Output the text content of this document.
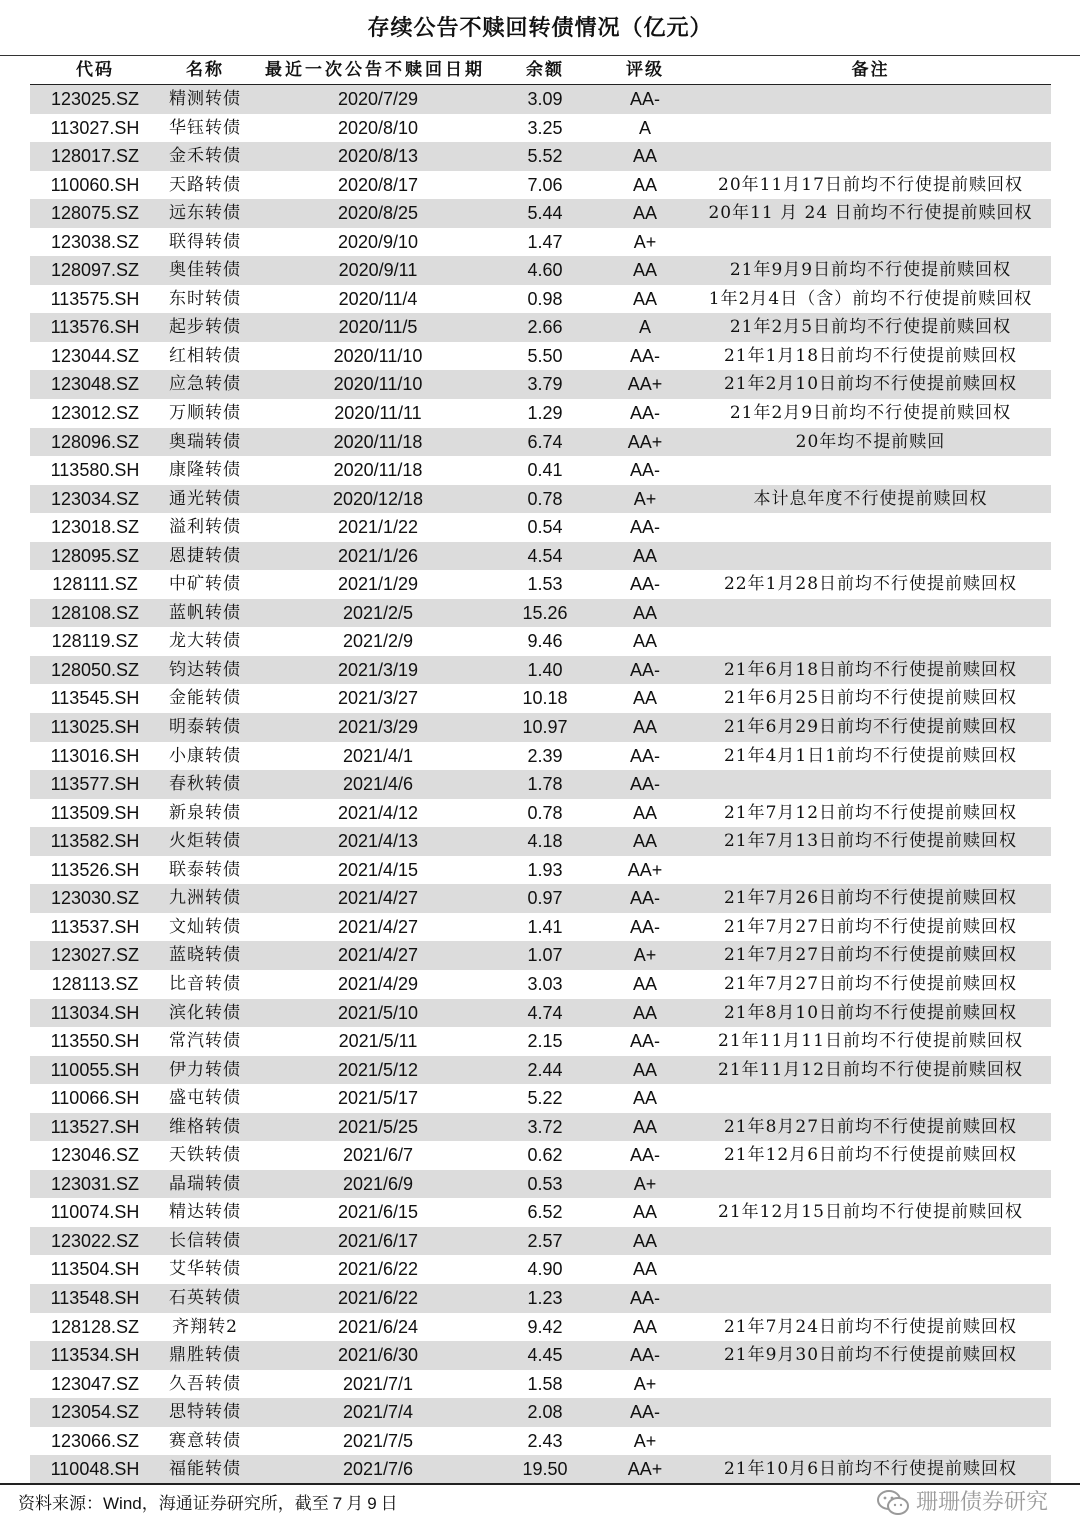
存续公告不赎回转债情况（亿元）
代码	名称	最近一次公告不赎回日期	余额	评级	备注
123025.SZ	精测转债	2020/7/29	3.09	AA-
113027.SH	华钰转债	2020/8/10	3.25	A
128017.SZ	金禾转债	2020/8/13	5.52	AA
110060.SH	天路转债	2020/8/17	7.06	AA	20年11月17日前均不行使提前赎回权
128075.SZ	远东转债	2020/8/25	5.44	AA	20年11 月 24 日前均不行使提前赎回权
123038.SZ	联得转债	2020/9/10	1.47	A+
128097.SZ	奥佳转债	2020/9/11	4.60	AA	21年9月9日前均不行使提前赎回权
113575.SH	东时转债	2020/11/4	0.98	AA	1年2月4日（含）前均不行使提前赎回权
113576.SH	起步转债	2020/11/5	2.66	A	21年2月5日前均不行使提前赎回权
123044.SZ	红相转债	2020/11/10	5.50	AA-	21年1月18日前均不行使提前赎回权
123048.SZ	应急转债	2020/11/10	3.79	AA+	21年2月10日前均不行使提前赎回权
123012.SZ	万顺转债	2020/11/11	1.29	AA-	21年2月9日前均不行使提前赎回权
128096.SZ	奥瑞转债	2020/11/18	6.74	AA+	20年均不提前赎回
113580.SH	康隆转债	2020/11/18	0.41	AA-
123034.SZ	通光转债	2020/12/18	0.78	A+	本计息年度不行使提前赎回权
123018.SZ	溢利转债	2021/1/22	0.54	AA-
128095.SZ	恩捷转债	2021/1/26	4.54	AA
128111.SZ	中矿转债	2021/1/29	1.53	AA-	22年1月28日前均不行使提前赎回权
128108.SZ	蓝帆转债	2021/2/5	15.26	AA
128119.SZ	龙大转债	2021/2/9	9.46	AA
128050.SZ	钧达转债	2021/3/19	1.40	AA-	21年6月18日前均不行使提前赎回权
113545.SH	金能转债	2021/3/27	10.18	AA	21年6月25日前均不行使提前赎回权
113025.SH	明泰转债	2021/3/29	10.97	AA	21年6月29日前均不行使提前赎回权
113016.SH	小康转债	2021/4/1	2.39	AA-	21年4月1日1前均不行使提前赎回权
113577.SH	春秋转债	2021/4/6	1.78	AA-
113509.SH	新泉转债	2021/4/12	0.78	AA	21年7月12日前均不行使提前赎回权
113582.SH	火炬转债	2021/4/13	4.18	AA	21年7月13日前均不行使提前赎回权
113526.SH	联泰转债	2021/4/15	1.93	AA+
123030.SZ	九洲转债	2021/4/27	0.97	AA-	21年7月26日前均不行使提前赎回权
113537.SH	文灿转债	2021/4/27	1.41	AA-	21年7月27日前均不行使提前赎回权
123027.SZ	蓝晓转债	2021/4/27	1.07	A+	21年7月27日前均不行使提前赎回权
128113.SZ	比音转债	2021/4/29	3.03	AA	21年7月27日前均不行使提前赎回权
113034.SH	滨化转债	2021/5/10	4.74	AA	21年8月10日前均不行使提前赎回权
113550.SH	常汽转债	2021/5/11	2.15	AA-	21年11月11日前均不行使提前赎回权
110055.SH	伊力转债	2021/5/12	2.44	AA	21年11月12日前均不行使提前赎回权
110066.SH	盛屯转债	2021/5/17	5.22	AA
113527.SH	维格转债	2021/5/25	3.72	AA	21年8月27日前均不行使提前赎回权
123046.SZ	天铁转债	2021/6/7	0.62	AA-	21年12月6日前均不行使提前赎回权
123031.SZ	晶瑞转债	2021/6/9	0.53	A+
110074.SH	精达转债	2021/6/15	6.52	AA	21年12月15日前均不行使提前赎回权
123022.SZ	长信转债	2021/6/17	2.57	AA
113504.SH	艾华转债	2021/6/22	4.90	AA
113548.SH	石英转债	2021/6/22	1.23	AA-
128128.SZ	齐翔转2	2021/6/24	9.42	AA	21年7月24日前均不行使提前赎回权
113534.SH	鼎胜转债	2021/6/30	4.45	AA-	21年9月30日前均不行使提前赎回权
123047.SZ	久吾转债	2021/7/1	1.58	A+
123054.SZ	思特转债	2021/7/4	2.08	AA-
123066.SZ	赛意转债	2021/7/5	2.43	A+
110048.SH	福能转债	2021/7/6	19.50	AA+	21年10月6日前均不行使提前赎回权
资料来源：Wind，海通证券研究所，截至 7 月 9 日	珊珊债券研究
